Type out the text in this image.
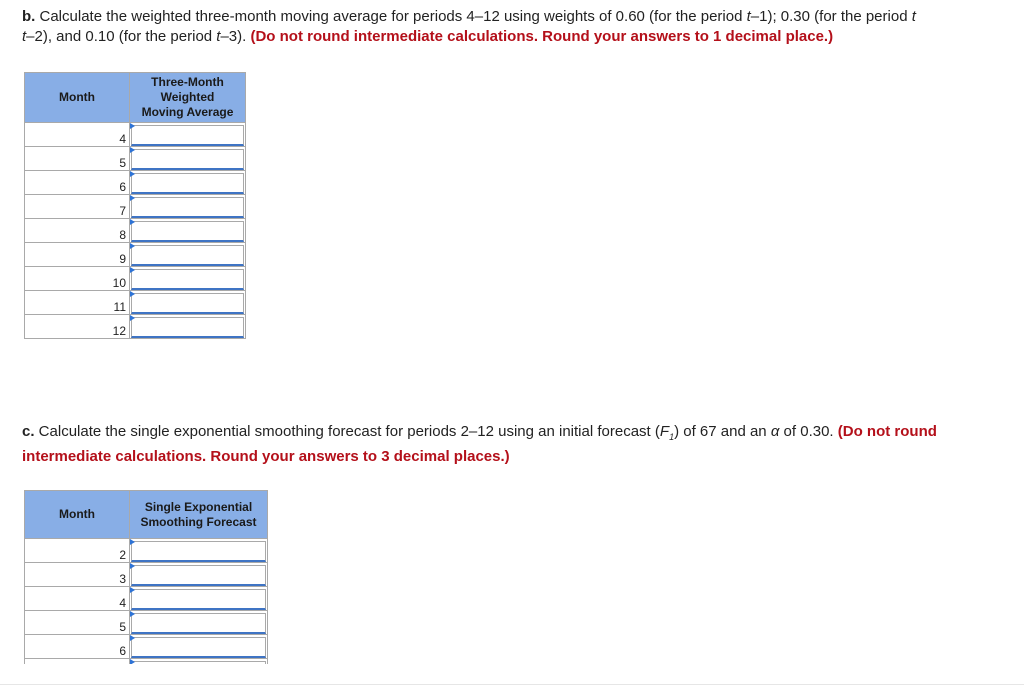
b. Calculate the weighted three-month moving average for periods 4–12 using weights of 0.60 (for the period t–1); 0.30 (for the period t
t–2), and 0.10 (for the period t–3). (Do not round intermediate calculations. Round your answers to 1 decimal place.)
Month	Three-Month
Weighted
Moving Average
4	

5	

6	

7	

8	

9	

10	

11	

12	
c. Calculate the single exponential smoothing forecast for periods 2–12 using an initial forecast $(F_1)$ of 67 and an α of 0.30. (Do not round intermediate calculations. Round your answers to 3 decimal places.)
Month	Single Exponential
Smoothing Forecast
2	

3	

4	

5	

6	
